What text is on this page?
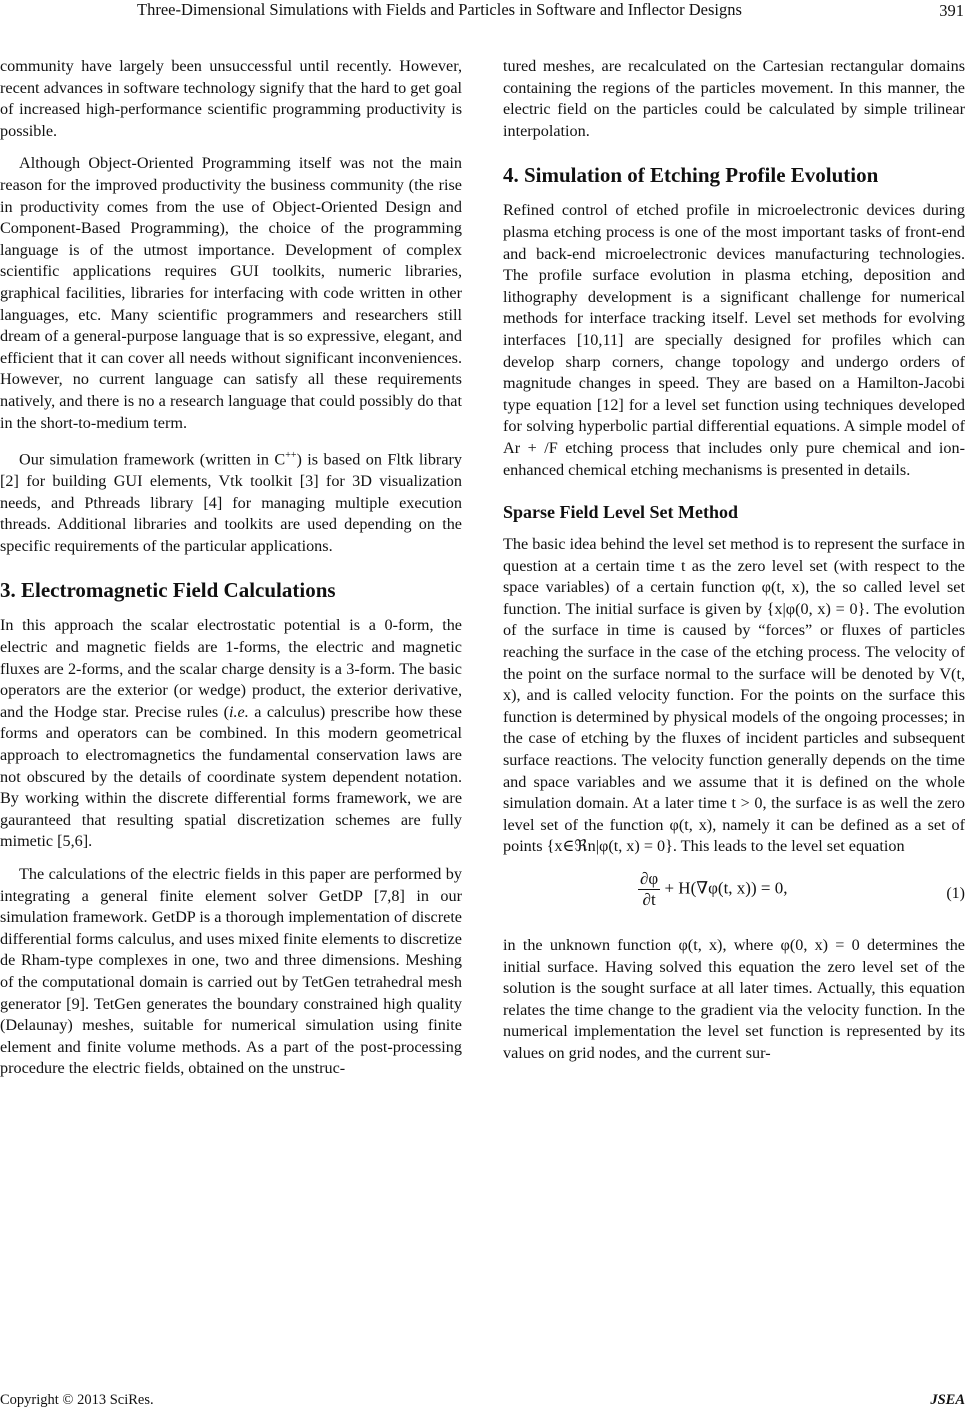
Three-Dimensional Simulations with Fields and Particles in Software and Inflector Designs	391

community have largely been unsuccessful until recently. However, recent advances in software technology signify that the hard to get goal of increased high-performance scientific programming productivity is possible.

Although Object-Oriented Programming itself was not the main reason for the improved productivity the business community (the rise in productivity comes from the use of Object-Oriented Design and Component-Based Programming), the choice of the programming language is of the utmost importance. Development of complex scientific applications requires GUI toolkits, numeric libraries, graphical facilities, libraries for interfacing with code written in other languages, etc. Many scientific programmers and researchers still dream of a general-purpose language that is so expressive, elegant, and efficient that it can cover all needs without significant inconveniences. However, no current language can satisfy all these requirements natively, and there is no a research language that could possibly do that in the short-to-medium term.

Our simulation framework (written in C++) is based on Fltk library [2] for building GUI elements, Vtk toolkit [3] for 3D visualization needs, and Pthreads library [4] for managing multiple execution threads. Additional libraries and toolkits are used depending on the specific requirements of the particular applications.

3. Electromagnetic Field Calculations

In this approach the scalar electrostatic potential is a 0-form, the electric and magnetic fields are 1-forms, the electric and magnetic fluxes are 2-forms, and the scalar charge density is a 3-form. The basic operators are the exterior (or wedge) product, the exterior derivative, and the Hodge star. Precise rules (i.e. a calculus) prescribe how these forms and operators can be combined. In this modern geometrical approach to electromagnetics the fundamental conservation laws are not obscured by the details of coordinate system dependent notation. By working within the discrete differential forms framework, we are gauranteed that resulting spatial discretization schemes are fully mimetic [5,6].

The calculations of the electric fields in this paper are performed by integrating a general finite element solver GetDP [7,8] in our simulation framework. GetDP is a thorough implementation of discrete differential forms calculus, and uses mixed finite elements to discretize de Rham-type complexes in one, two and three dimensions. Meshing of the computational domain is carried out by TetGen tetrahedral mesh generator [9]. TetGen generates the boundary constrained high quality (Delaunay) meshes, suitable for numerical simulation using finite element and finite volume methods. As a part of the post-processing procedure the electric fields, obtained on the unstruc-

tured meshes, are recalculated on the Cartesian rectangular domains containing the regions of the particles movement. In this manner, the electric field on the particles could be calculated by simple trilinear interpolation.

4. Simulation of Etching Profile Evolution

Refined control of etched profile in microelectronic devices during plasma etching process is one of the most important tasks of front-end and back-end microelectronic devices manufacturing technologies. The profile surface evolution in plasma etching, deposition and lithography development is a significant challenge for numerical methods for interface tracking itself. Level set methods for evolving interfaces [10,11] are specially designed for profiles which can develop sharp corners, change topology and undergo orders of magnitude changes in speed. They are based on a Hamilton-Jacobi type equation [12] for a level set function using techniques developed for solving hyperbolic partial differential equations. A simple model of Ar + /F etching process that includes only pure chemical and ion-enhanced chemical etching mechanisms is presented in details.

Sparse Field Level Set Method

The basic idea behind the level set method is to represent the surface in question at a certain time t as the zero level set (with respect to the space variables) of a certain function φ(t, x), the so called level set function. The initial surface is given by {x|φ(0, x) = 0}. The evolution of the surface in time is caused by “forces” or fluxes of particles reaching the surface in the case of the etching process. The velocity of the point on the surface normal to the surface will be denoted by V(t, x), and is called velocity function. For the points on the surface this function is determined by physical models of the ongoing processes; in the case of etching by the fluxes of incident particles and subsequent surface reactions. The velocity function generally depends on the time and space variables and we assume that it is defined on the whole simulation domain. At a later time t > 0, the surface is as well the zero level set of the function φ(t, x), namely it can be defined as a set of points {x∈ℜn|φ(t, x) = 0}. This leads to the level set equation

$\frac{\partial\varphi}{\partial t} + H(\nabla\varphi(t$, x)) = 0,	(1)

in the unknown function φ(t, x), where φ(0, x) = 0 determines the initial surface. Having solved this equation the zero level set of the solution is the sought surface at all later times. Actually, this equation relates the time change to the gradient via the velocity function. In the numerical implementation the level set function is represented by its values on grid nodes, and the current sur-

Copyright © 2013 SciRes.	JSEA
